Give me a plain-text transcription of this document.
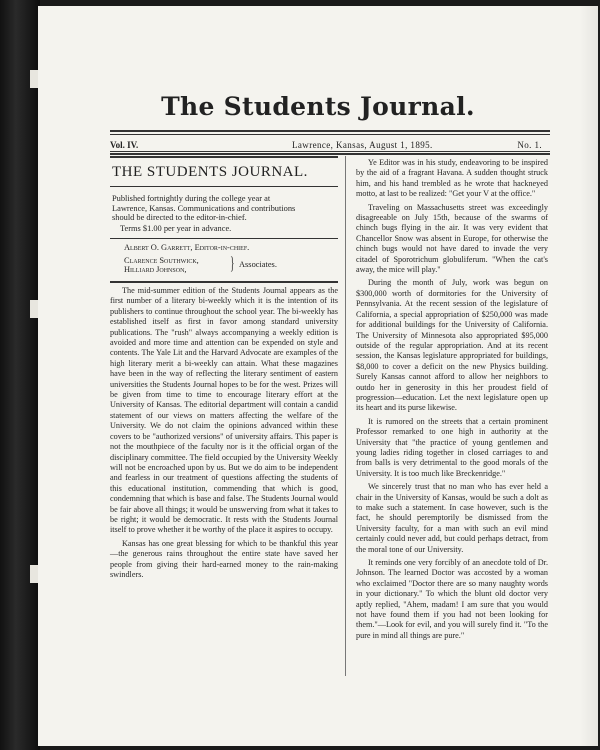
The Students Journal.
Vol. IV.	Lawrence, Kansas, August 1, 1895.	No. 1.
THE STUDENTS JOURNAL.
Published fortnightly during the college year at Lawrence, Kansas. Communications and contributions should be directed to the editor-in-chief.
Terms $1.00 per year in advance.
Albert O. Garrett, Editor-in-chief.
Clarence Southwick,
Hilliard Johnson, } Associates.

The mid-summer edition of the Students Journal appears as the first number of a literary bi-weekly which it is the intention of its publishers to continue throughout the school year. The bi-weekly has established itself as first in favor among standard university publications. The "rush" always accompanying a weekly edition is avoided and more time and attention can be expended on style and contents. The Yale Lit and the Harvard Advocate are examples of the high literary merit a bi-weekly can attain. What these magazines have been in the way of reflecting the literary sentiment of eastern universities the Students Journal hopes to be for the west. Prizes will be given from time to time to encourage literary effort at the University of Kansas. The editorial department will contain a candid statement of our views on matters affecting the welfare of the University. We do not claim the opinions advanced within these covers to be "authorized versions" of university affairs. This paper is not the mouthpiece of the faculty nor is it the official organ of the disciplinary committee. The field occupied by the University Weekly will not be encroached upon by us. But we do aim to be independent and fearless in our treatment of questions affecting the students of this educational institution, commending that which is good, condemning that which is base and false. The Students Journal would be fair above all things; it would be unswerving from what it takes to be right; it would be democratic. It rests with the Students Journal itself to prove whether it be worthy of the place it aspires to occupy.

Kansas has one great blessing for which to be thankful this year—the generous rains throughout the entire state have saved her people from giving their hard-earned money to the rain-making swindlers.

Ye Editor was in his study, endeavoring to be inspired by the aid of a fragrant Havana. A sudden thought struck him, and his hand trembled as he wrote that hackneyed motto, at last to be realized: "Get your V at the office."

Traveling on Massachusetts street was exceedingly disagreeable on July 15th, because of the swarms of chinch bugs flying in the air. It was very evident that Chancellor Snow was absent in Europe, for otherwise the chinch bugs would not have dared to invade the very citadel of Sporotrichum globuliferum. "When the cat's away, the mice will play."

During the month of July, work was begun on $300,000 worth of dormitories for the University of Pennsylvania. At the recent session of the legislature of California, a special appropriation of $250,000 was made for additional buildings for the University of California. The University of Minnesota also appropriated $95,000 outside of the regular appropriation. And at its recent session, the Kansas legislature appropriated for buildings, $8,000 to cover a deficit on the new Physics building. Surely Kansas cannot afford to allow her neighbors to outdo her in generosity in this her proudest field of progression—education. Let the next legislature open up its heart and its purse likewise.

It is rumored on the streets that a certain prominent Professor remarked to one high in authority at the University that "the practice of young gentlemen and young ladies riding together in closed carriages to and from balls is very detrimental to the good morals of the University. It is too much like Breckenridge."

We sincerely trust that no man who has ever held a chair in the University of Kansas, would be such a dolt as to make such a statement. In case however, such is the fact, he should peremptorily be dismissed from the University faculty, for a man with such an evil mind certainly could never add, but could perhaps detract, from the moral tone of our University.

It reminds one very forcibly of an anecdote told of Dr. Johnson. The learned Doctor was accosted by a woman who exclaimed "Doctor there are so many naughty words in your dictionary." To which the blunt old doctor very aptly replied, "Ahem, madam! I am sure that you would not have found them if you had not been looking for them."—Look for evil, and you will surely find it. "To the pure in mind all things are pure."
